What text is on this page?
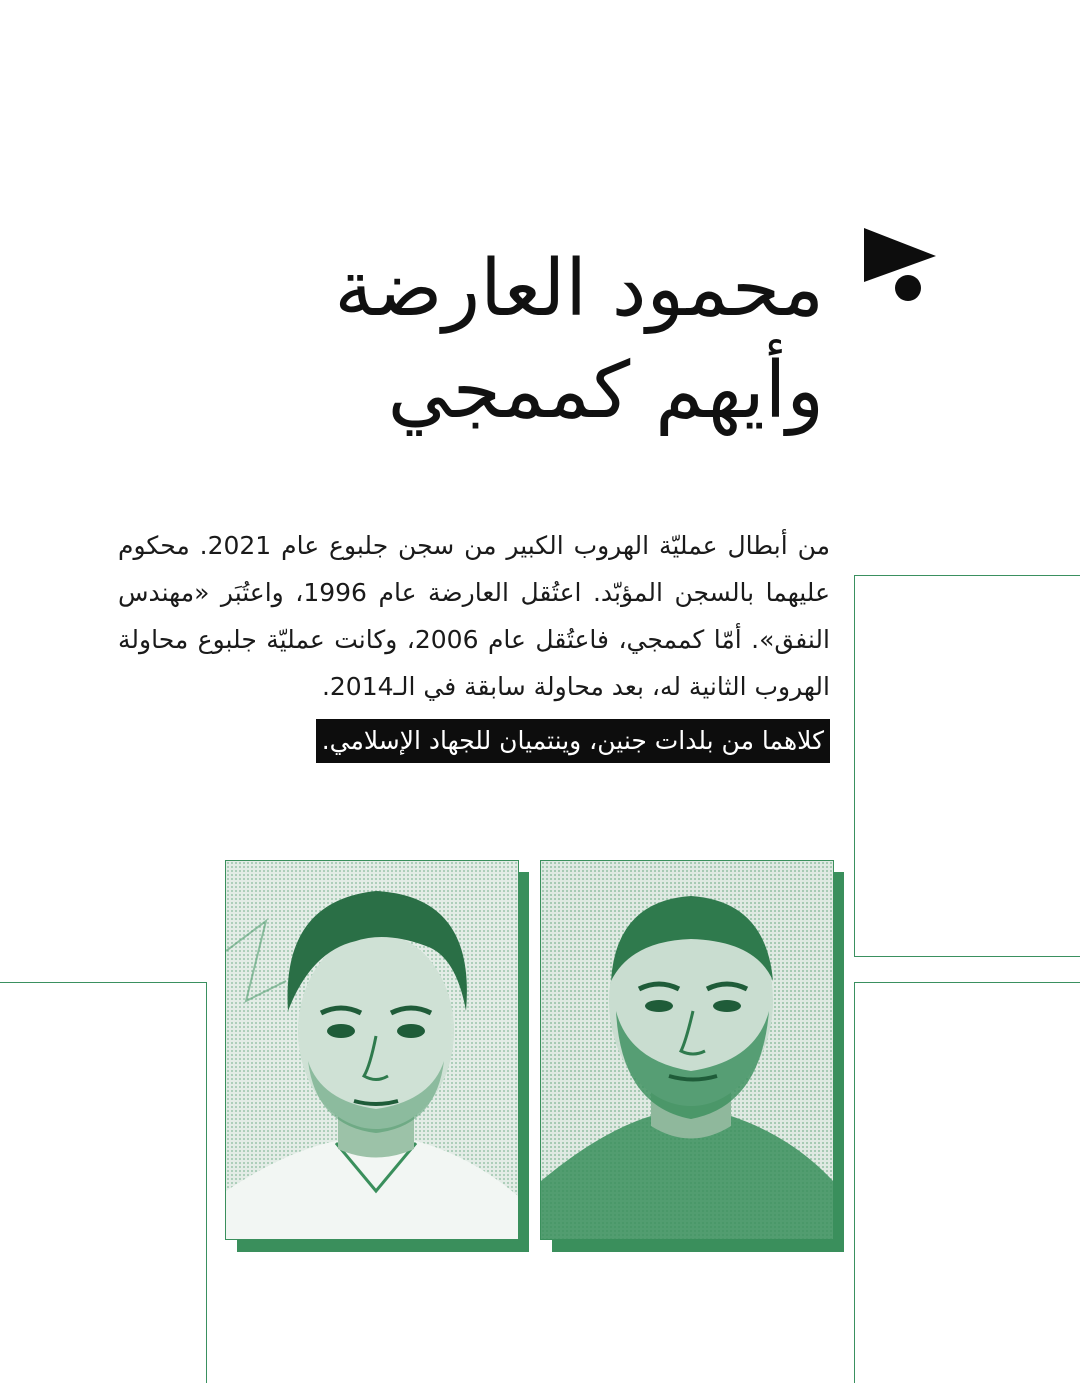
محمود العارضة
وأيهم كممجي

من أبطال عمليّة الهروب الكبير من سجن جلبوع عام 2021. محكوم عليهما بالسجن المؤبّد. اعتُقل العارضة عام 1996، واعتُبَر «مهندس النفق». أمّا كممجي، فاعتُقل عام 2006، وكانت عمليّة جلبوع محاولة الهروب الثانية له، بعد محاولة سابقة في الـ2014.

كلاهما من بلدات جنين، وينتميان للجهاد الإسلامي.
